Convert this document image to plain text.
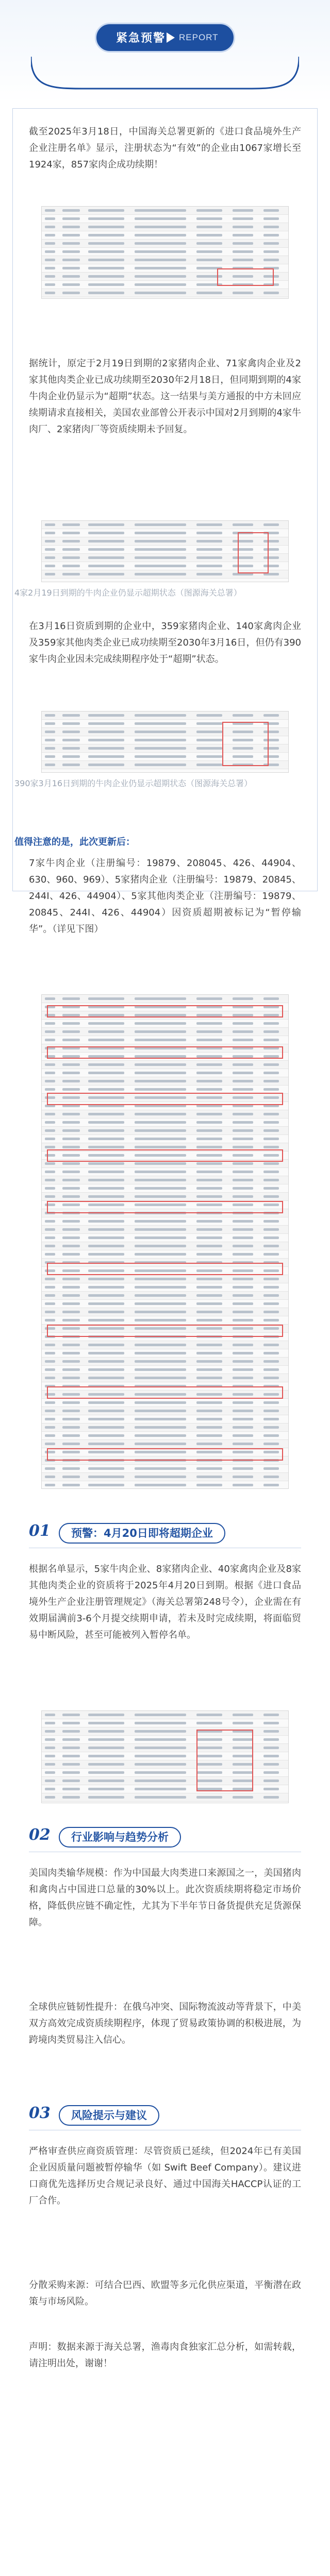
紧急预警 REPORT
截至2025年3月18日，中国海关总署更新的《进口食品境外生产企业注册名单》显示，注册状态为“有效”的企业由1067家增长至1924家，857家肉企成功续期！
据统计，原定于2月19日到期的2家猪肉企业、71家禽肉企业及2家其他肉类企业已成功续期至2030年2月18日，但同期到期的4家牛肉企业仍显示为“超期”状态。这一结果与美方通报的中方未回应续期请求直接相关，美国农业部曾公开表示中国对2月到期的4家牛肉厂、2家猪肉厂等资质续期未予回复。
4家2月19日到期的牛肉企业仍显示超期状态（图源海关总署）
在3月16日资质到期的企业中，359家猪肉企业、140家禽肉企业及359家其他肉类企业已成功续期至2030年3月16日，但仍有390家牛肉企业因未完成续期程序处于“超期”状态。
390家3月16日到期的牛肉企业仍显示超期状态（图源海关总署）
值得注意的是，此次更新后：
7家牛肉企业（注册编号：19879、208045、426、44904、630、960、969）、5家猪肉企业（注册编号：19879、20845、244I、426、44904）、5家其他肉类企业（注册编号：19879、20845、244I、426、44904）因资质超期被标记为“暂停输华”。（详见下图）
01	预警：4月20日即将超期企业
根据名单显示，5家牛肉企业、8家猪肉企业、40家禽肉企业及8家其他肉类企业的资质将于2025年4月20日到期。根据《进口食品境外生产企业注册管理规定》（海关总署第248号令），企业需在有效期届满前3-6个月提交续期申请，若未及时完成续期，将面临贸易中断风险，甚至可能被列入暂停名单。
02	行业影响与趋势分析
美国肉类输华规模：作为中国最大肉类进口来源国之一，美国猪肉和禽肉占中国进口总量的30%以上。此次资质续期将稳定市场价格，降低供应链不确定性，尤其为下半年节日备货提供充足货源保障。
全球供应链韧性提升：在俄乌冲突、国际物流波动等背景下，中美双方高效完成资质续期程序，体现了贸易政策协调的积极进展，为跨境肉类贸易注入信心。
03	风险提示与建议
严格审查供应商资质管理：尽管资质已延续，但2024年已有美国企业因质量问题被暂停输华（如 Swift Beef Company）。建议进口商优先选择历史合规记录良好、通过中国海关HACCP认证的工厂合作。
分散采购来源：可结合巴西、欧盟等多元化供应渠道，平衡潜在政策与市场风险。
声明：数据来源于海关总署，渔毒肉食独家汇总分析，如需转载，请注明出处，谢谢！
